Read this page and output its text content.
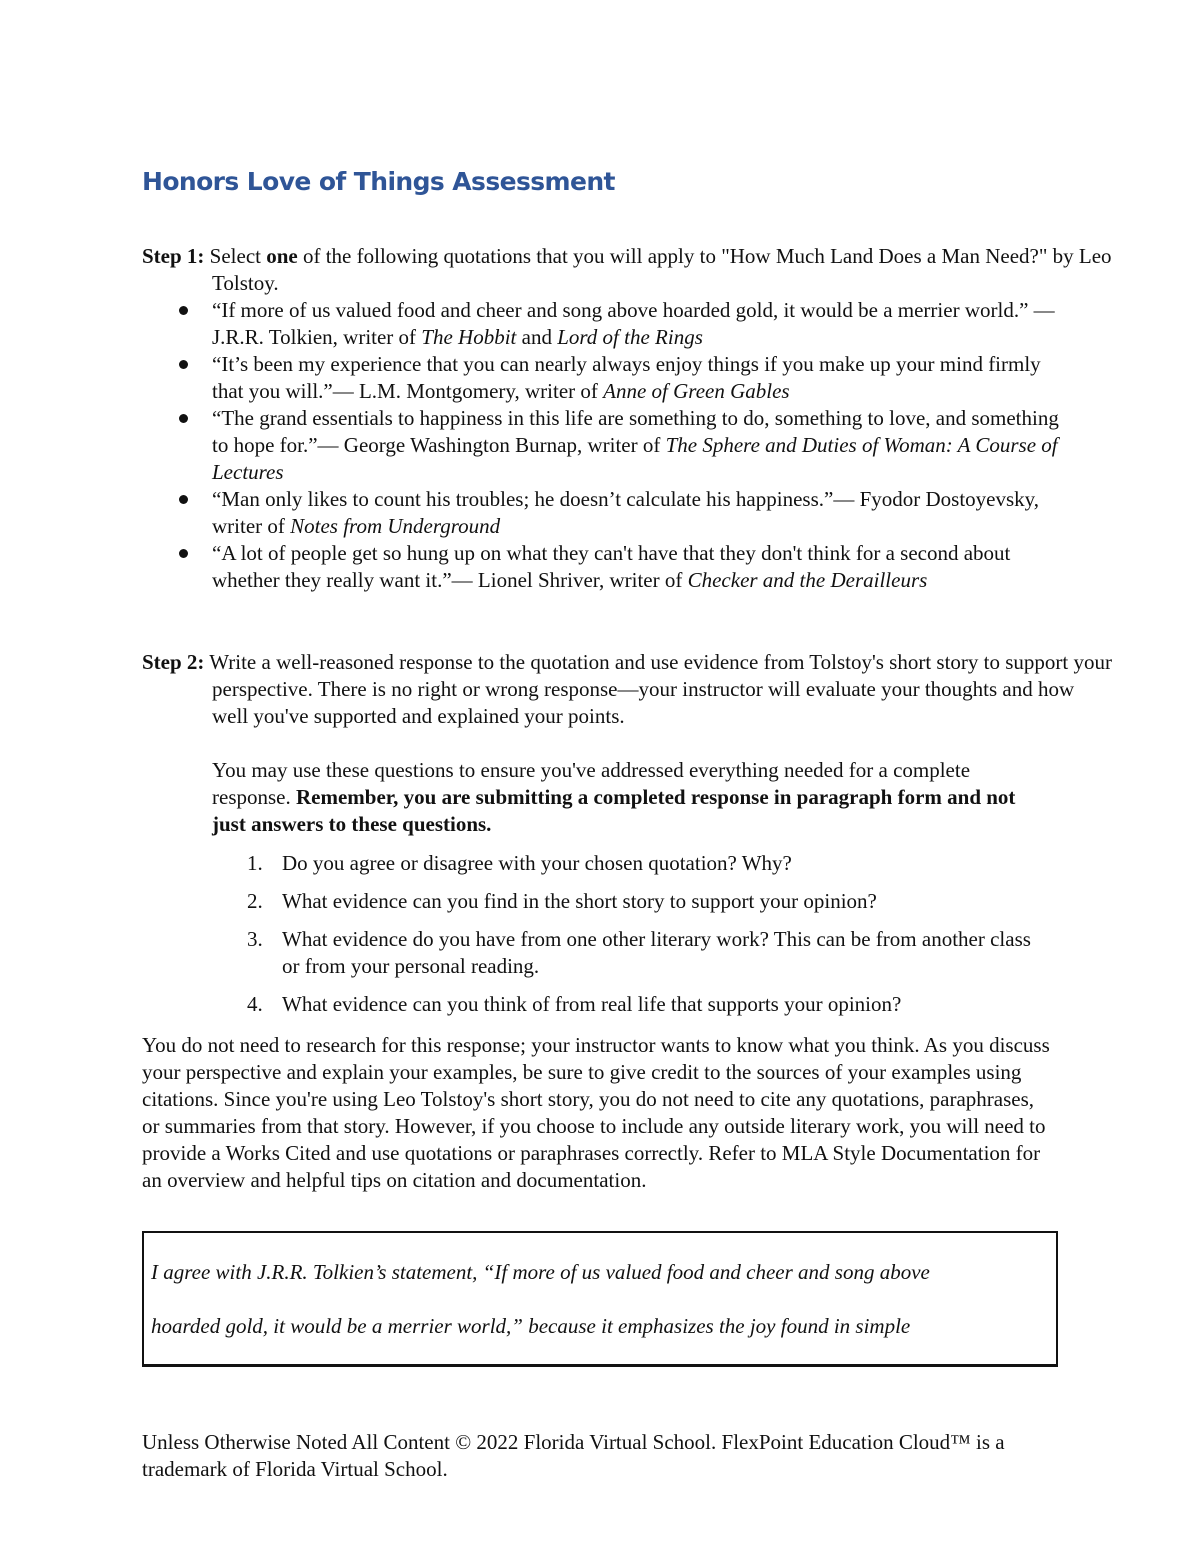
Honors Love of Things Assessment
Step 1: Select one of the following quotations that you will apply to "How Much Land Does a Man Need?" by Leo Tolstoy.
“If more of us valued food and cheer and song above hoarded gold, it would be a merrier world.” — J.R.R. Tolkien, writer of The Hobbit and Lord of the Rings
“It’s been my experience that you can nearly always enjoy things if you make up your mind firmly that you will.”— L.M. Montgomery, writer of Anne of Green Gables
“The grand essentials to happiness in this life are something to do, something to love, and something to hope for.”— George Washington Burnap, writer of The Sphere and Duties of Woman: A Course of Lectures
“Man only likes to count his troubles; he doesn’t calculate his happiness.”— Fyodor Dostoyevsky, writer of Notes from Underground
“A lot of people get so hung up on what they can't have that they don't think for a second about whether they really want it.”— Lionel Shriver, writer of Checker and the Derailleurs
Step 2: Write a well-reasoned response to the quotation and use evidence from Tolstoy's short story to support your perspective. There is no right or wrong response—your instructor will evaluate your thoughts and how well you've supported and explained your points.
You may use these questions to ensure you've addressed everything needed for a complete response. Remember, you are submitting a completed response in paragraph form and not just answers to these questions.
1. Do you agree or disagree with your chosen quotation? Why?
2. What evidence can you find in the short story to support your opinion?
3. What evidence do you have from one other literary work? This can be from another class or from your personal reading.
4. What evidence can you think of from real life that supports your opinion?
You do not need to research for this response; your instructor wants to know what you think. As you discuss your perspective and explain your examples, be sure to give credit to the sources of your examples using citations. Since you're using Leo Tolstoy's short story, you do not need to cite any quotations, paraphrases, or summaries from that story. However, if you choose to include any outside literary work, you will need to provide a Works Cited and use quotations or paraphrases correctly. Refer to MLA Style Documentation for an overview and helpful tips on citation and documentation.

I agree with J.R.R. Tolkien’s statement, “If more of us valued food and cheer and song above

hoarded gold, it would be a merrier world,” because it emphasizes the joy found in simple

Unless Otherwise Noted All Content © 2022 Florida Virtual School. FlexPoint Education Cloud™ is a trademark of Florida Virtual School.
